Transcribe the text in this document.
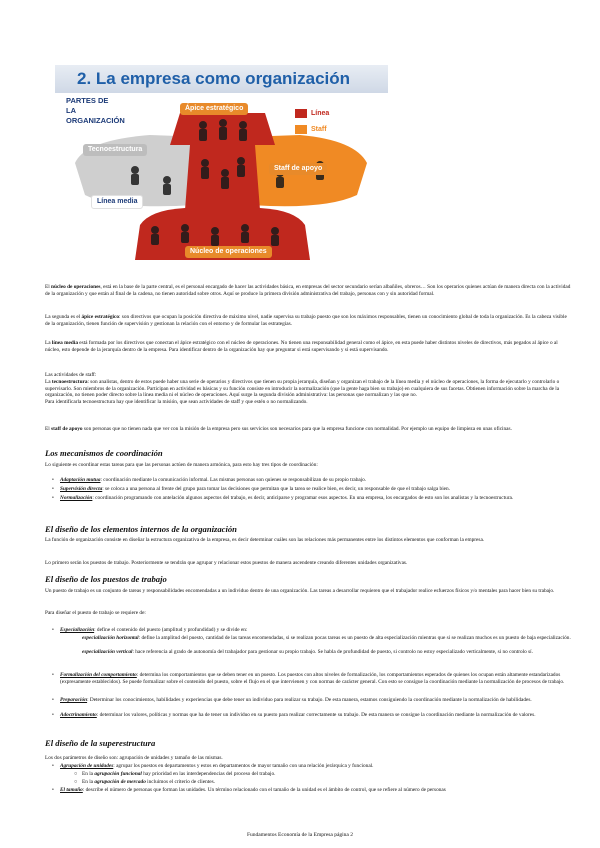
2. La empresa como organización
PARTES DE
LA
ORGANIZACIÓN
Ápice estratégico
Tecnoestructura
Staff de apoyo
Línea media
Núcleo de operaciones
Línea
Staff

El núcleo de operaciones, está en la base de la parte central, es el personal encargado de hacer las actividades básica, en empresas del sector secundario serían albañiles, obreros… Son los operarios quienes actúan de manera directa con la actividad de la organización y que están al final de la cadena, no tienen autoridad sobre otros. Aquí se produce la primera división administrativa del trabajo, personas con y sin autoridad formal.

La segunda es el ápice estratégico: son directivos que ocupan la posición directiva de máximo nivel, nadie supervisa su trabajo puesto que son los máximos responsables, tienen un conocimiento global de toda la organización. Es la cabeza visible de la organización, tienen función de supervisión y gestionan la relación con el entorno y de formular las estrategias.

La línea media está formada por los directivos que conectan el ápice estratégico con el núcleo de operaciones. No tienen una responsabilidad general como el ápice, en esta puede haber distintos niveles de directivos, más pegados al ápice o al núcleo, esto depende de la jerarquía dentro de la empresa. Para identificar dentro de la organización hay que preguntar si está supervisando y si está supervisando.

Las actividades de staff:
La tecnoestructura: son analistas, dentro de estos puede haber una serie de operarios y directivos que tienen su propia jerarquía, diseñan y organizan el trabajo de la línea media y el núcleo de operaciones, la forma de ejecutarlo y controlarlo o supervisarlo. Son miembros de la organización. Participan en actividad es básicas y su función consiste en introducir la normalización (que la gente haga bien su trabajo) en cualquiera de sus facetas. Obtienen información sobre la marcha de la organización, no tienen poder directo sobre la línea media ni el núcleo de operaciones. Aquí surge la segunda división administrativa: las personas que normalizan y las que no.
Para identificarla tecnoestructura hay que identificar la misión, que sean actividades de staff y que estén o no normalizando.

El staff de apoyo son personas que no tienen nada que ver con la misión de la empresa pero sus servicios son necesarios para que la empresa funcione con normalidad. Por ejemplo un equipo de limpieza en unas oficinas.

Los mecanismos de coordinación

Lo siguiente es coordinar estas tareas para que las personas actúen de manera armónica, para esto hay tres tipos de coordinación:

• Adaptación mutua: coordinación mediante la comunicación informal. Las mismas personas son quienes se responsabilizan de su propio trabajo.
• Supervisión directa: se coloca a una persona al frente del grupo para tomar las decisiones que permitan que la tarea se realice bien, es decir, un responsable de que el trabajo salga bien.
• Normalización: coordinación programando con antelación algunos aspectos del trabajo, es decir, anticiparse y programar esos aspectos. En una empresa, los encargados de esto son los analistas y la tecnoestructura.
El diseño de los elementos internos de la organización

La función de organización consiste en diseñar la estructura organizativa de la empresa, es decir determinar cuáles son las relaciones más permanentes entre los distintos elementos que conforman la empresa.

Lo primero serán los puestos de trabajo. Posteriormente se tendrán que agrupar y relacionar estos puestos de manera ascendente creando diferentes unidades organizativas.

El diseño de los puestos de trabajo

Un puesto de trabajo es un conjunto de tareas y responsabilidades encomendadas a un individuo dentro de una organización. Las tareas a desarrollar requieren que el trabajador realice esfuerzos físicos y/o mentales para hacer bien su trabajo.

Para diseñar el puesto de trabajo se requiere de:

• Especialización: define el contenido del puesto (amplitud y profundidad) y se divide en:
especialización horizontal: define la amplitud del puesto, cantidad de las tareas encomendadas, si se realizan pocas tareas es un puesto de alta especialización mientras que si se realizan muchos es un puesto de baja especialización.
especialización vertical: hace referencia al grado de autonomía del trabajador para gestionar su propio trabajo. Se habla de profundidad de puesto, si controlo no estoy especializado verticalmente, si no controlo sí.
• Formalización del comportamiento: determina los comportamientos que se deben tener en un puesto. Los puestos con altos niveles de formalización, los comportamientos esperados de quienes los ocupan están altamente estandarizados (expresamente establecidos). Se puede formalizar sobre el contenido del puesto, sobre el flujo en el que intervienen y con normas de carácter general. Con esto se consigue la coordinación mediante la normalización de procesos de trabajo.
• Preparación: Determinar los conocimientos, habilidades y experiencias que debe tener un individuo para realizar su trabajo. De esta manera, estamos consiguiendo la coordinación mediante la normalización de habilidades.
• Adoctrinamiento: determinar los valores, políticas y normas que ha de tener un individuo en su puesto para realizar correctamente su trabajo. De esta manera se consigue la coordinación mediante la normalización de valores.
El diseño de la superestructura

Los dos parámetros de diseño son: agrupación de unidades y tamaño de las mismas.

• Agrupación de unidades: agrupar los puestos en departamentos y estos en departamentos de mayor tamaño con una relación jerárquica y funcional.
○ En la agrupación funcional hay prioridad en las interdependencias del proceso del trabajo.
○ En la agrupación de mercado incluimos el criterio de clientes.
• El tamaño: describe el número de personas que forman las unidades. Un término relacionado con el tamaño de la unidad es el ámbito de control, que se refiere al número de personas
Fundamentos Economía de la Empresa página 2
